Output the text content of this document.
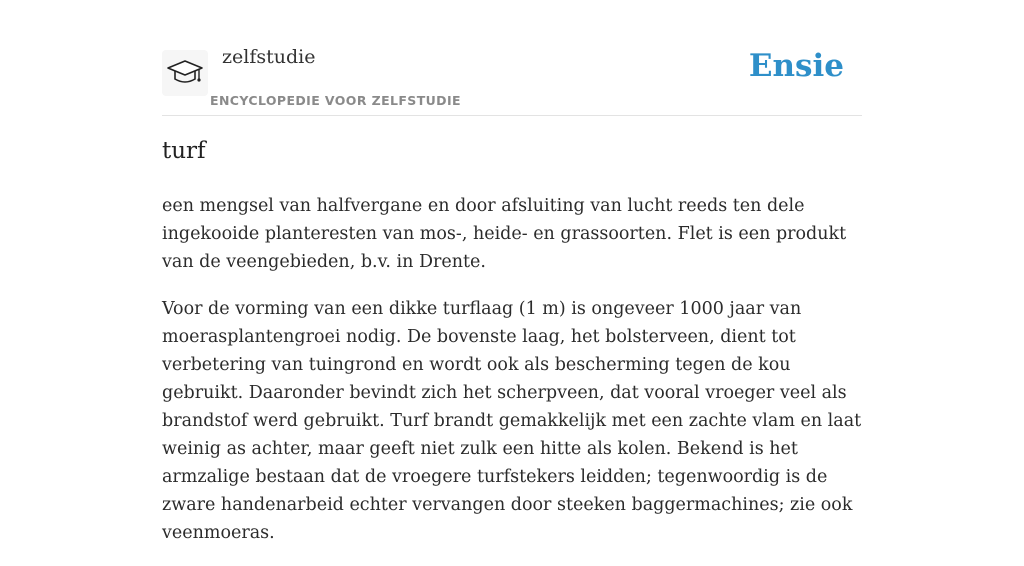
zelfstudie
ENCYCLOPEDIE VOOR ZELFSTUDIE
Ensie
turf

een mengsel van halfvergane en door afsluiting van lucht reeds ten dele ingekooide planteresten van mos-, heide- en grassoorten. Flet is een produkt van de veengebieden, b.v. in Drente.

Voor de vorming van een dikke turflaag (1 m) is ongeveer 1000 jaar van moerasplantengroei nodig. De bovenste laag, het bolsterveen, dient tot verbetering van tuingrond en wordt ook als bescherming tegen de kou gebruikt. Daaronder bevindt zich het scherpveen, dat vooral vroeger veel als brandstof werd gebruikt. Turf brandt gemakkelijk met een zachte vlam en laat weinig as achter, maar geeft niet zulk een hitte als kolen. Bekend is het armzalige bestaan dat de vroegere turfstekers leidden; tegenwoordig is de zware handenarbeid echter vervangen door steeken baggermachines; zie ook veenmoeras.
